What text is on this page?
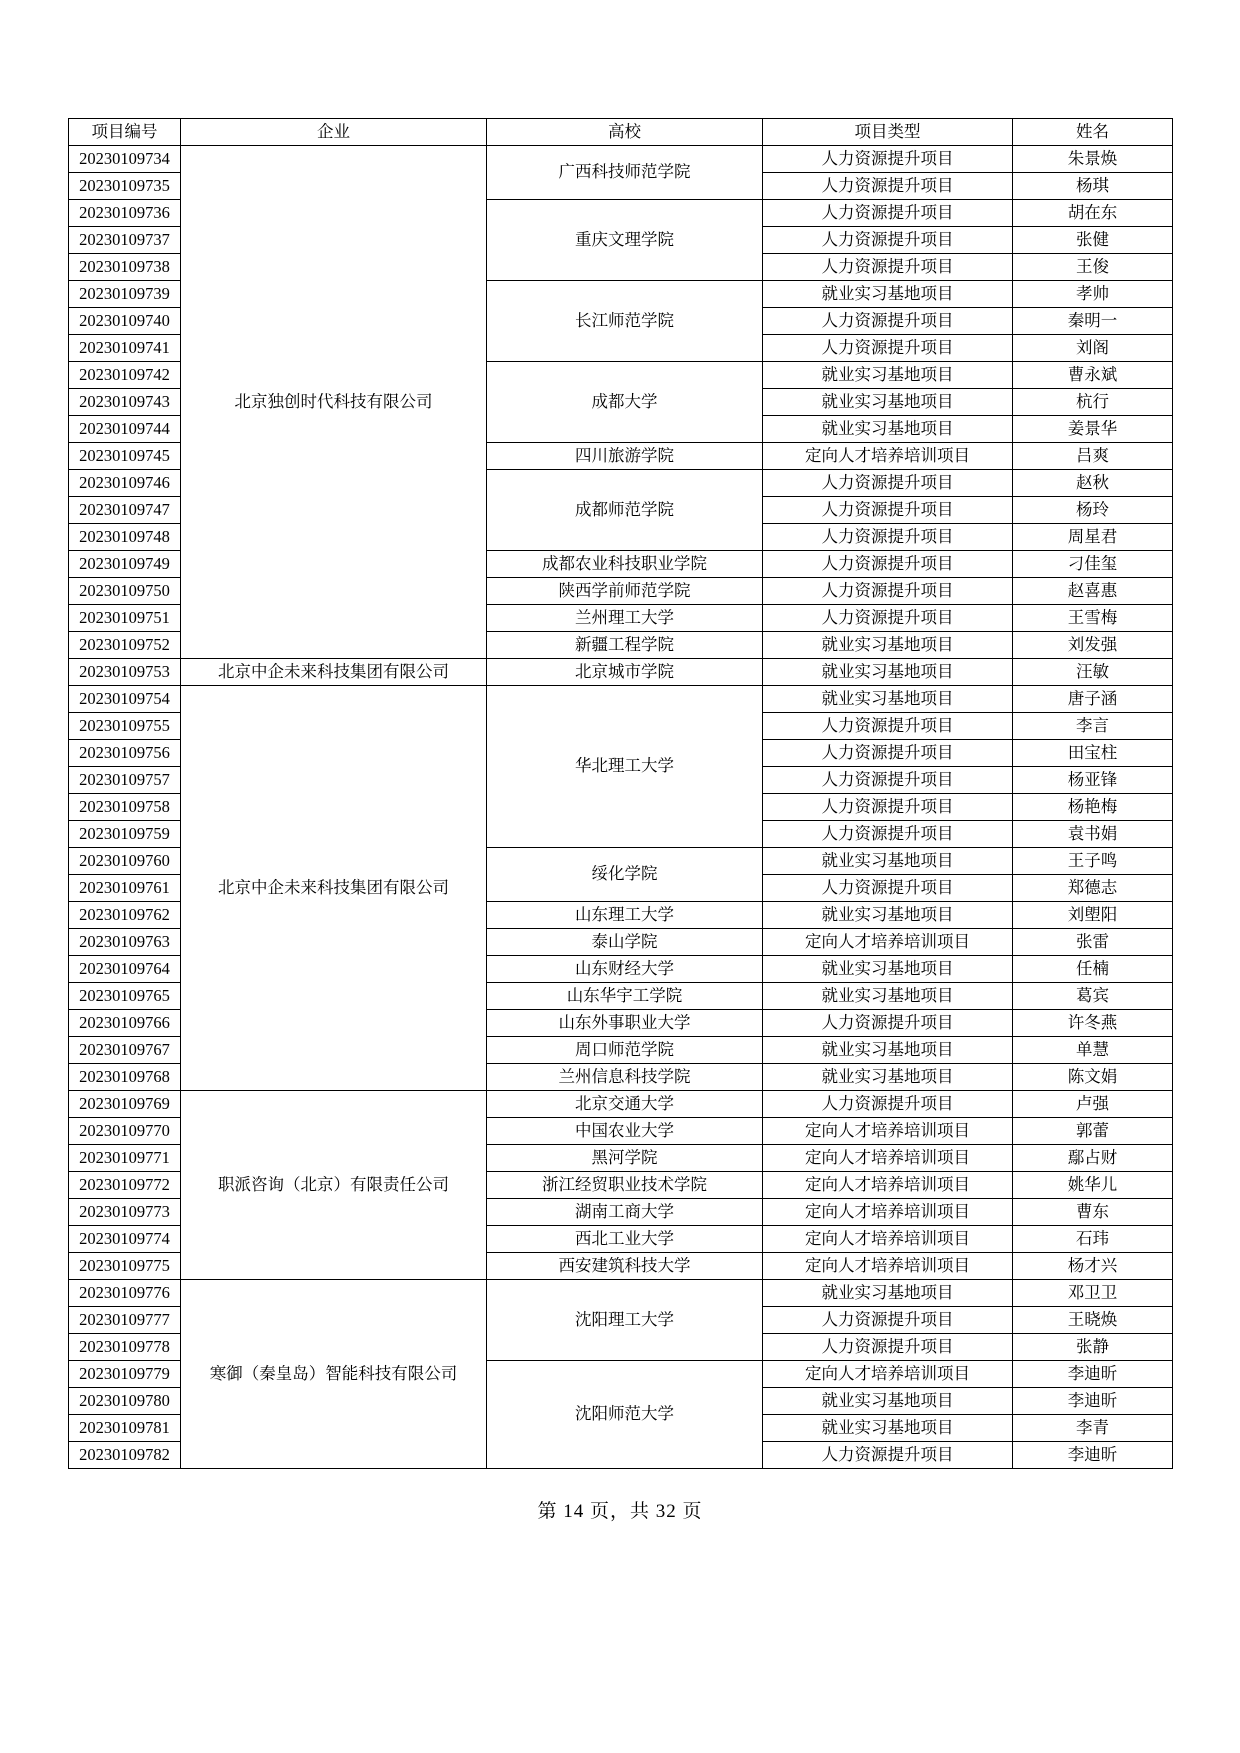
项目编号	企业	高校	项目类型	姓名
20230109734	北京独创时代科技有限公司	广西科技师范学院	人力资源提升项目	朱景焕
20230109735			人力资源提升项目	杨琪
20230109736		重庆文理学院	人力资源提升项目	胡在东
20230109737			人力资源提升项目	张健
20230109738			人力资源提升项目	王俊
20230109739		长江师范学院	就业实习基地项目	孝帅
20230109740			人力资源提升项目	秦明一
20230109741			人力资源提升项目	刘阁
20230109742		成都大学	就业实习基地项目	曹永斌
20230109743			就业实习基地项目	杭行
20230109744			就业实习基地项目	姜景华
20230109745		四川旅游学院	定向人才培养培训项目	吕爽
20230109746		成都师范学院	人力资源提升项目	赵秋
20230109747			人力资源提升项目	杨玲
20230109748			人力资源提升项目	周星君
20230109749		成都农业科技职业学院	人力资源提升项目	刁佳玺
20230109750		陕西学前师范学院	人力资源提升项目	赵喜惠
20230109751		兰州理工大学	人力资源提升项目	王雪梅
20230109752		新疆工程学院	就业实习基地项目	刘发强
20230109753	北京中企未来科技集团有限公司	北京城市学院	就业实习基地项目	汪敏
20230109754	北京中企未来科技集团有限公司	华北理工大学	就业实习基地项目	唐子涵
20230109755			人力资源提升项目	李言
20230109756			人力资源提升项目	田宝柱
20230109757			人力资源提升项目	杨亚锋
20230109758			人力资源提升项目	杨艳梅
20230109759			人力资源提升项目	袁书娟
20230109760		绥化学院	就业实习基地项目	王子鸣
20230109761			人力资源提升项目	郑德志
20230109762		山东理工大学	就业实习基地项目	刘塱阳
20230109763		泰山学院	定向人才培养培训项目	张雷
20230109764		山东财经大学	就业实习基地项目	任楠
20230109765		山东华宇工学院	就业实习基地项目	葛宾
20230109766		山东外事职业大学	人力资源提升项目	许冬燕
20230109767		周口师范学院	就业实习基地项目	单慧
20230109768		兰州信息科技学院	就业实习基地项目	陈文娟
20230109769	职派咨询（北京）有限责任公司	北京交通大学	人力资源提升项目	卢强
20230109770		中国农业大学	定向人才培养培训项目	郭蕾
20230109771		黑河学院	定向人才培养培训项目	鄢占财
20230109772		浙江经贸职业技术学院	定向人才培养培训项目	姚华儿
20230109773		湖南工商大学	定向人才培养培训项目	曹东
20230109774		西北工业大学	定向人才培养培训项目	石玮
20230109775		西安建筑科技大学	定向人才培养培训项目	杨才兴
20230109776	寒御（秦皇岛）智能科技有限公司	沈阳理工大学	就业实习基地项目	邓卫卫
20230109777			人力资源提升项目	王晓焕
20230109778			人力资源提升项目	张静
20230109779		沈阳师范大学	定向人才培养培训项目	李迪昕
20230109780			就业实习基地项目	李迪昕
20230109781			就业实习基地项目	李青
20230109782			人力资源提升项目	李迪昕
第 14 页，共 32 页
